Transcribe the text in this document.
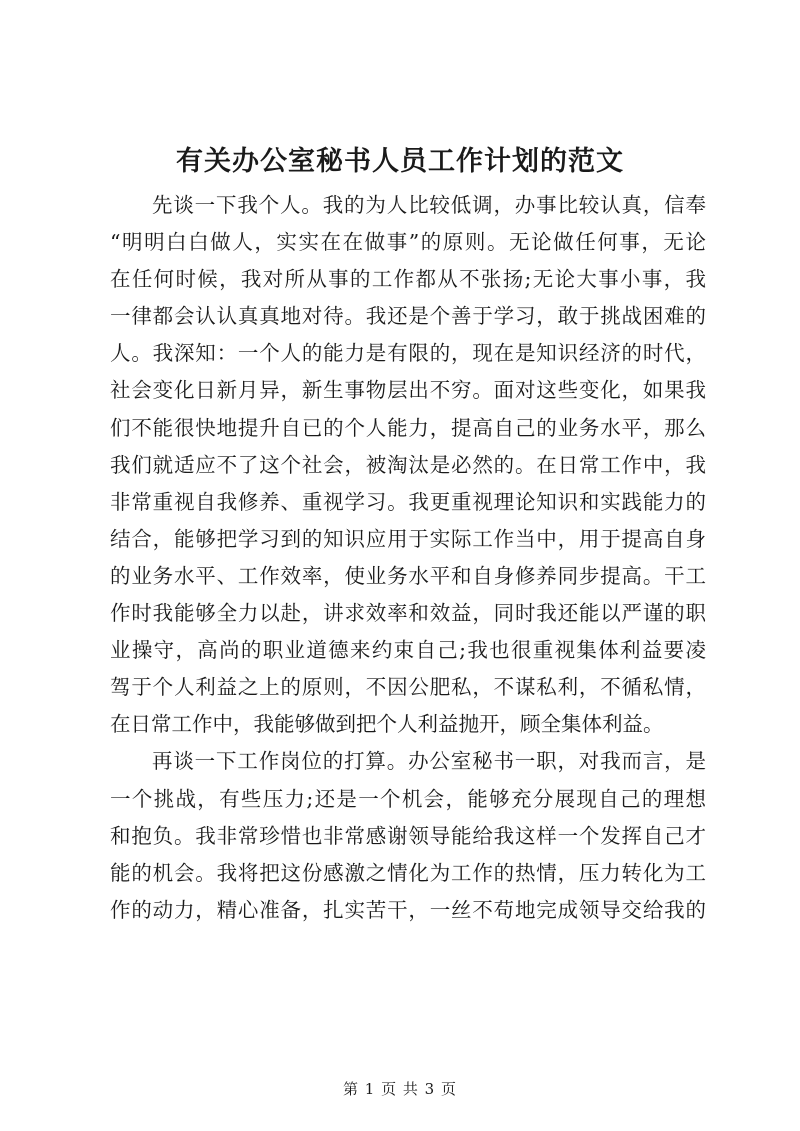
有关办公室秘书人员工作计划的范文
先谈一下我个人。我的为人比较低调，办事比较认真，信奉
“明明白白做人，实实在在做事”的原则。无论做任何事，无论
在任何时候，我对所从事的工作都从不张扬;无论大事小事，我
一律都会认认真真地对待。我还是个善于学习，敢于挑战困难的
人。我深知：一个人的能力是有限的，现在是知识经济的时代，
社会变化日新月异，新生事物层出不穷。面对这些变化，如果我
们不能很快地提升自已的个人能力，提高自己的业务水平，那么
我们就适应不了这个社会，被淘汰是必然的。在日常工作中，我
非常重视自我修养、重视学习。我更重视理论知识和实践能力的
结合，能够把学习到的知识应用于实际工作当中，用于提高自身
的业务水平、工作效率，使业务水平和自身修养同步提高。干工
作时我能够全力以赴，讲求效率和效益，同时我还能以严谨的职
业操守，高尚的职业道德来约束自己;我也很重视集体利益要凌
驾于个人利益之上的原则，不因公肥私，不谋私利，不循私情，
在日常工作中，我能够做到把个人利益抛开，顾全集体利益。
再谈一下工作岗位的打算。办公室秘书一职，对我而言，是
一个挑战，有些压力;还是一个机会，能够充分展现自己的理想
和抱负。我非常珍惜也非常感谢领导能给我这样一个发挥自己才
能的机会。我将把这份感激之情化为工作的热情，压力转化为工
作的动力，精心准备，扎实苦干，一丝不苟地完成领导交给我的
第 1 页 共 3 页
